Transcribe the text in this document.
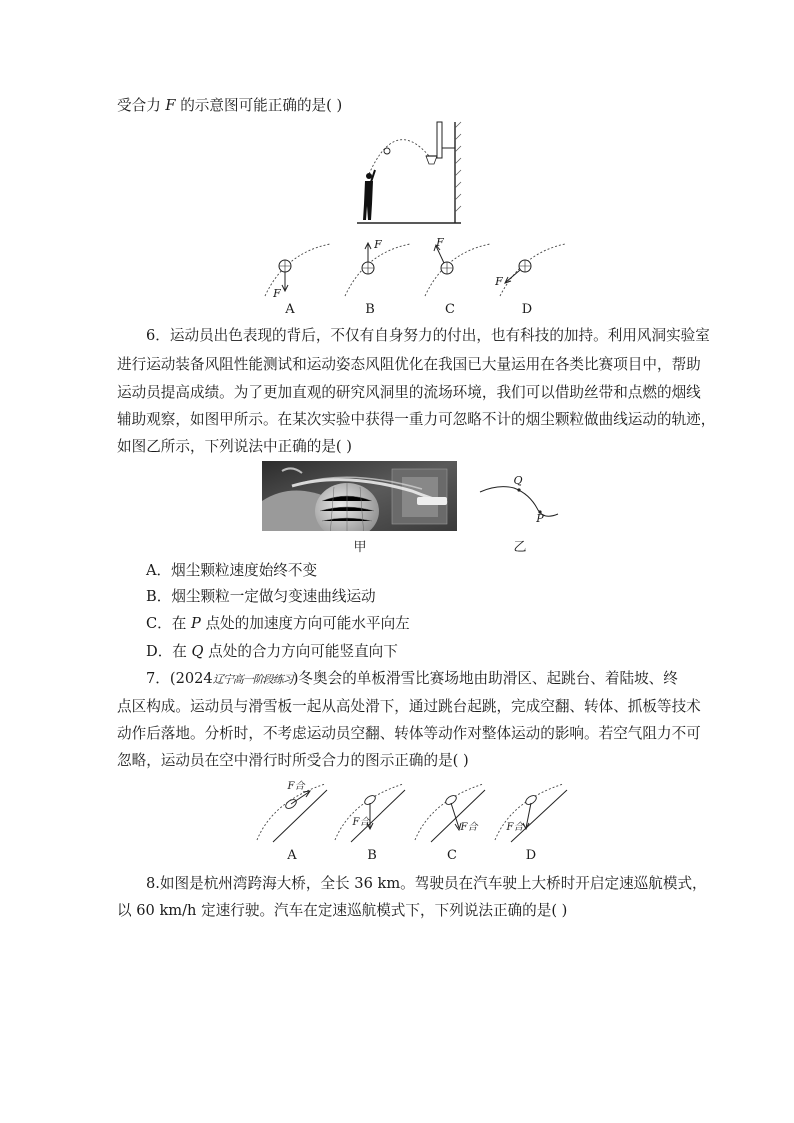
受合力 F 的示意图可能正确的是( )
F
F	F
F
A	B	C	D
6．运动员出色表现的背后，不仅有自身努力的付出，也有科技的加持。利用风洞实验室
进行运动装备风阻性能测试和运动姿态风阻优化在我国已大量运用在各类比赛项目中，帮助
运动员提高成绩。为了更加直观的研究风洞里的流场环境，我们可以借助丝带和点燃的烟线
辅助观察，如图甲所示。在某次实验中获得一重力可忽略不计的烟尘颗粒做曲线运动的轨迹，
如图乙所示，下列说法中正确的是( )
Q
P
甲	乙
A．烟尘颗粒速度始终不变
B．烟尘颗粒一定做匀变速曲线运动
C．在 P 点处的加速度方向可能水平向左
D．在 Q 点处的合力方向可能竖直向下
7．(2024辽宁高一阶段练习)冬奥会的单板滑雪比赛场地由助滑区、起跳台、着陆坡、终
点区构成。运动员与滑雪板一起从高处滑下，通过跳台起跳，完成空翻、转体、抓板等技术
动作后落地。分析时，不考虑运动员空翻、转体等动作对整体运动的影响。若空气阻力不可
忽略，运动员在空中滑行时所受合力的图示正确的是( )
F合
F合	F合	F合
A	B	C	D
8.如图是杭州湾跨海大桥，全长 36 km。驾驶员在汽车驶上大桥时开启定速巡航模式，
以 60 km/h 定速行驶。汽车在定速巡航模式下，下列说法正确的是( )
